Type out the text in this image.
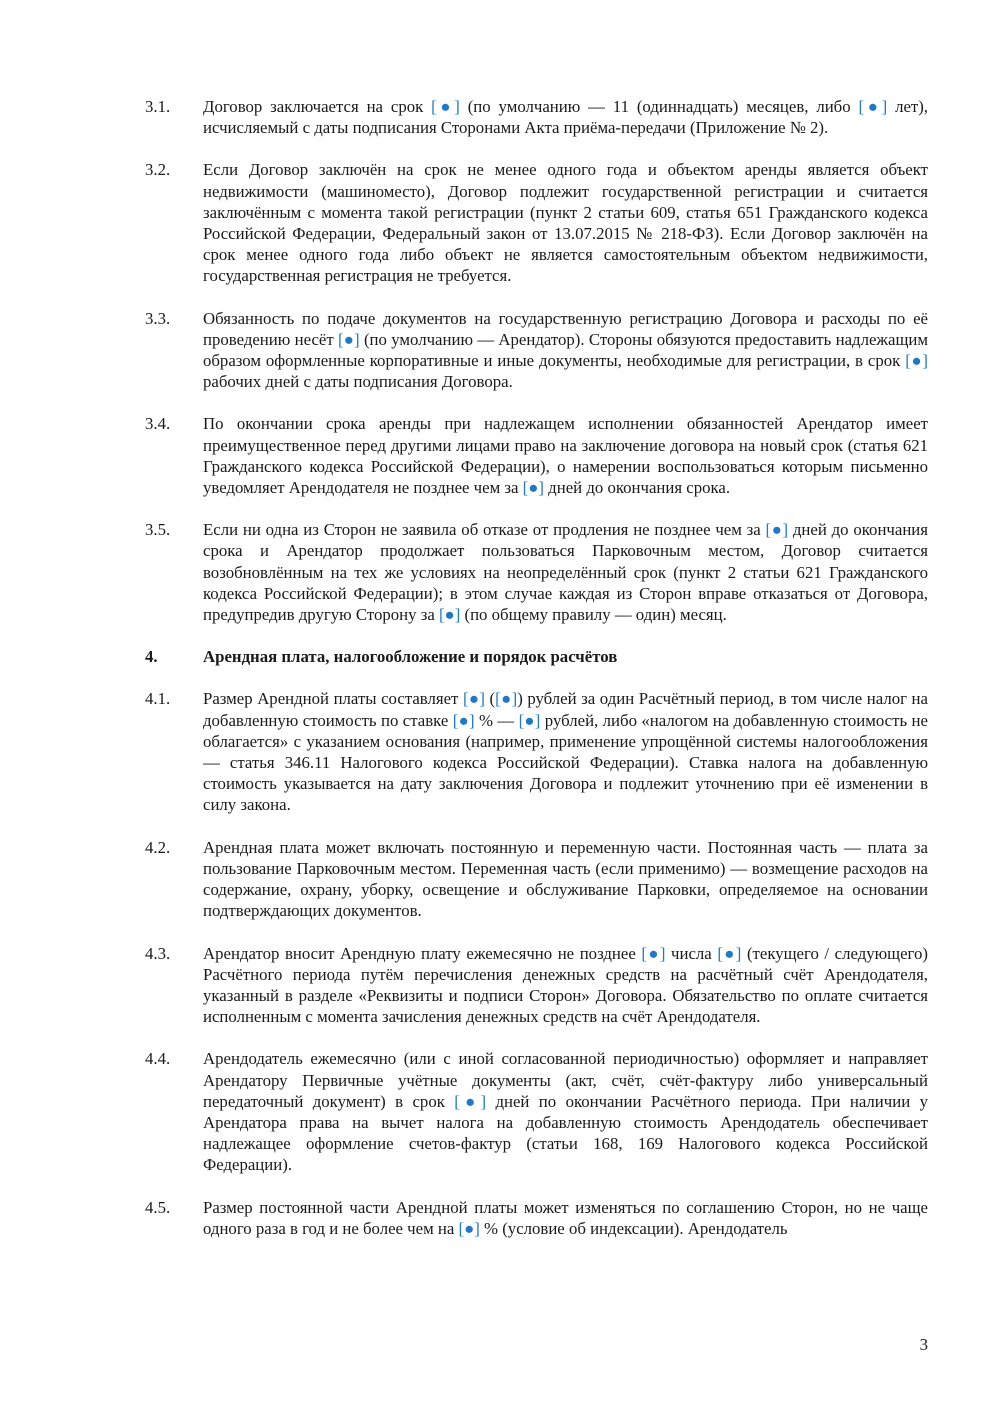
3.1.	Договор заключается на срок [●] (по умолчанию — 11 (одиннадцать) месяцев, либо [●] лет), исчисляемый с даты подписания Сторонами Акта приёма-передачи (Приложение № 2).
3.2.	Если Договор заключён на срок не менее одного года и объектом аренды является объект недвижимости (машиноместо), Договор подлежит государственной регистрации и считается заключённым с момента такой регистрации (пункт 2 статьи 609, статья 651 Гражданского кодекса Российской Федерации, Федеральный закон от 13.07.2015 № 218-ФЗ). Если Договор заключён на срок менее одного года либо объект не является самостоятельным объектом недвижимости, государственная регистрация не требуется.
3.3.	Обязанность по подаче документов на государственную регистрацию Договора и расходы по её проведению несёт [●] (по умолчанию — Арендатор). Стороны обязуются предоставить надлежащим образом оформленные корпоративные и иные документы, необходимые для регистрации, в срок [●] рабочих дней с даты подписания Договора.
3.4.	По окончании срока аренды при надлежащем исполнении обязанностей Арендатор имеет преимущественное перед другими лицами право на заключение договора на новый срок (статья 621 Гражданского кодекса Российской Федерации), о намерении воспользоваться которым письменно уведомляет Арендодателя не позднее чем за [●] дней до окончания срока.
3.5.	Если ни одна из Сторон не заявила об отказе от продления не позднее чем за [●] дней до окончания срока и Арендатор продолжает пользоваться Парковочным местом, Договор считается возобновлённым на тех же условиях на неопределённый срок (пункт 2 статьи 621 Гражданского кодекса Российской Федерации); в этом случае каждая из Сторон вправе отказаться от Договора, предупредив другую Сторону за [●] (по общему правилу — один) месяц.
4.	Арендная плата, налогообложение и порядок расчётов
4.1.	Размер Арендной платы составляет [●] ([●]) рублей за один Расчётный период, в том числе налог на добавленную стоимость по ставке [●] % — [●] рублей, либо «налогом на добавленную стоимость не облагается» с указанием основания (например, применение упрощённой системы налогообложения — статья 346.11 Налогового кодекса Российской Федерации). Ставка налога на добавленную стоимость указывается на дату заключения Договора и подлежит уточнению при её изменении в силу закона.
4.2.	Арендная плата может включать постоянную и переменную части. Постоянная часть — плата за пользование Парковочным местом. Переменная часть (если применимо) — возмещение расходов на содержание, охрану, уборку, освещение и обслуживание Парковки, определяемое на основании подтверждающих документов.
4.3.	Арендатор вносит Арендную плату ежемесячно не позднее [●] числа [●] (текущего / следующего) Расчётного периода путём перечисления денежных средств на расчётный счёт Арендодателя, указанный в разделе «Реквизиты и подписи Сторон» Договора. Обязательство по оплате считается исполненным с момента зачисления денежных средств на счёт Арендодателя.
4.4.	Арендодатель ежемесячно (или с иной согласованной периодичностью) оформляет и направляет Арендатору Первичные учётные документы (акт, счёт, счёт-фактуру либо универсальный передаточный документ) в срок [●] дней по окончании Расчётного периода. При наличии у Арендатора права на вычет налога на добавленную стоимость Арендодатель обеспечивает надлежащее оформление счетов-фактур (статьи 168, 169 Налогового кодекса Российской Федерации).
4.5.	Размер постоянной части Арендной платы может изменяться по соглашению Сторон, но не чаще одного раза в год и не более чем на [●] % (условие об индексации). Арендодатель
3
